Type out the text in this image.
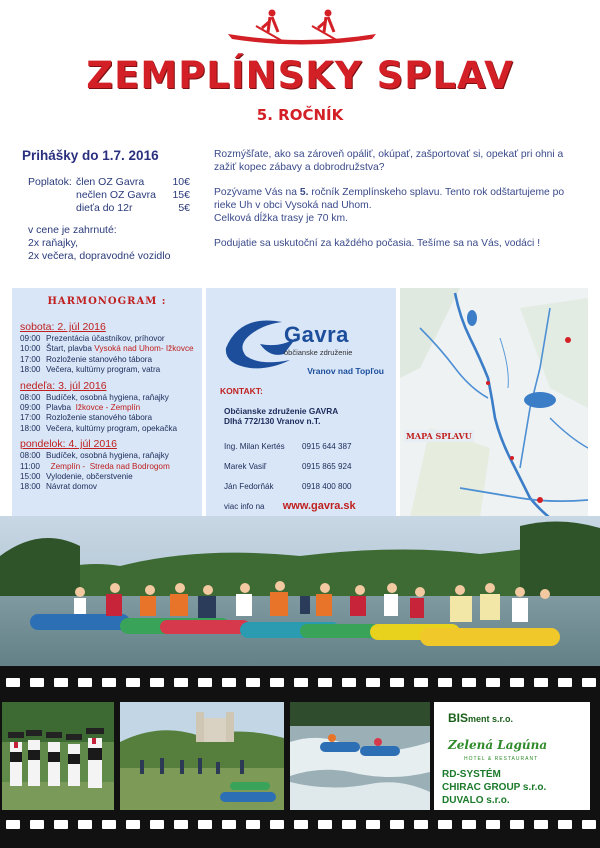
ZEMPLÍNSKY SPLAV
5. ROČNÍK
Prihášky do 1.7. 2016
Poplatok: člen OZ Gavra	10€
nečlen OZ Gavra	15€
dieťa do 12r	5€
v cene je zahrnuté:
2x raňajky,
2x večera, dopravodné vozidlo

Rozmýšľate, ako sa zároveň opáliť, okúpať, zašportovať si, opekať pri ohni a zažiť kopec zábavy a dobrodružstva?

Pozývame Vás na 5. ročník Zemplínskeho splavu. Tento rok odštartujeme po rieke Uh v obci Vysoká nad Uhom.
Celková dĺžka trasy je 70 km.

Podujatie sa uskutoční za každého počasia. Tešíme sa na Vás, vodáci !

HARMONOGRAM :
sobota: 2. júl 2016
09:00 Prezentácia účastníkov, príhovor
10:00 Štart, plavba Vysoká nad Uhom- Ižkovce
17:00 Rozloženie stanového tábora
18:00 Večera, kultúrny program, vatra
nedeľa: 3. júl 2016
08:00 Budíček, osobná hygiena, raňajky
09:00 Plavba  Ižkovce - Zemplín
17:00 Rozloženie stanového tábora
18:00 Večera, kultúrny program, opekačka
pondelok: 4. júl 2016
08:00 Budíček, osobná hygiena, raňajky
11:00	Zemplín -  Streda nad Bodrogom
15:00 Vylodenie, občerstvenie
18:00 Návrat domov
Gavra
občianske združenie
Vranov nad Topľou
KONTAKT:
Občianske združenie GAVRA
Dlhá 772/130 Vranov n.T.
Ing. Milan Kertés	0915 644 387
Marek Vasiľ	0915 865 924
Ján Fedorňák	0918 400 800
viac info na www.gavra.sk
MAPA SPLAVU
BISment s.r.o.
Zelená Lagúna
HOTEL & RESTAURANT
RD-SYSTÉM
CHIRAC GROUP s.r.o.
DUVALO s.r.o.
